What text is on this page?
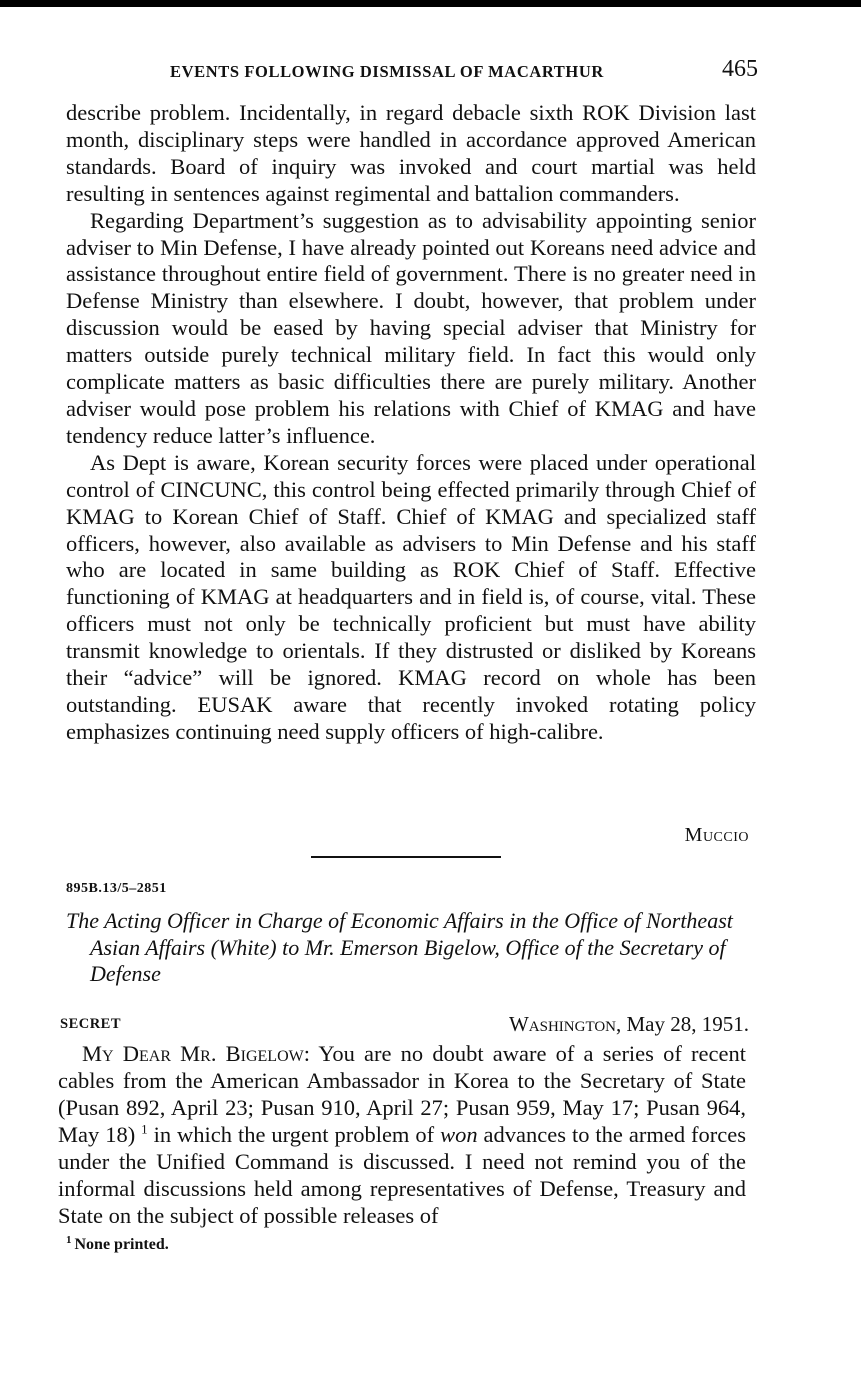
EVENTS FOLLOWING DISMISSAL OF MACARTHUR	465

describe problem. Incidentally, in regard debacle sixth ROK Division last month, disciplinary steps were handled in accordance approved American standards. Board of inquiry was invoked and court martial was held resulting in sentences against regimental and battalion commanders.

Regarding Department’s suggestion as to advisability appointing senior adviser to Min Defense, I have already pointed out Koreans need advice and assistance throughout entire field of government. There is no greater need in Defense Ministry than elsewhere. I doubt, however, that problem under discussion would be eased by having special adviser that Ministry for matters outside purely technical military field. In fact this would only complicate matters as basic difficulties there are purely military. Another adviser would pose problem his relations with Chief of KMAG and have tendency reduce latter’s influence.

As Dept is aware, Korean security forces were placed under operational control of CINCUNC, this control being effected primarily through Chief of KMAG to Korean Chief of Staff. Chief of KMAG and specialized staff officers, however, also available as advisers to Min Defense and his staff who are located in same building as ROK Chief of Staff. Effective functioning of KMAG at headquarters and in field is, of course, vital. These officers must not only be technically proficient but must have ability transmit knowledge to orientals. If they distrusted or disliked by Koreans their “advice” will be ignored. KMAG record on whole has been outstanding. EUSAK aware that recently invoked rotating policy emphasizes continuing need supply officers of high-calibre.

Muccio
895B.13/5–2851
The Acting Officer in Charge of Economic Affairs in the Office of Northeast Asian Affairs (White) to Mr. Emerson Bigelow, Office of the Secretary of Defense
SECRET	Washington, May 28, 1951.

My Dear Mr. Bigelow: You are no doubt aware of a series of recent cables from the American Ambassador in Korea to the Secretary of State (Pusan 892, April 23; Pusan 910, April 27; Pusan 959, May 17; Pusan 964, May 18) $^1$ in which the urgent problem of won advances to the armed forces under the Unified Command is discussed. I need not remind you of the informal discussions held among representatives of Defense, Treasury and State on the subject of possible releases of

$^1$ None printed.
